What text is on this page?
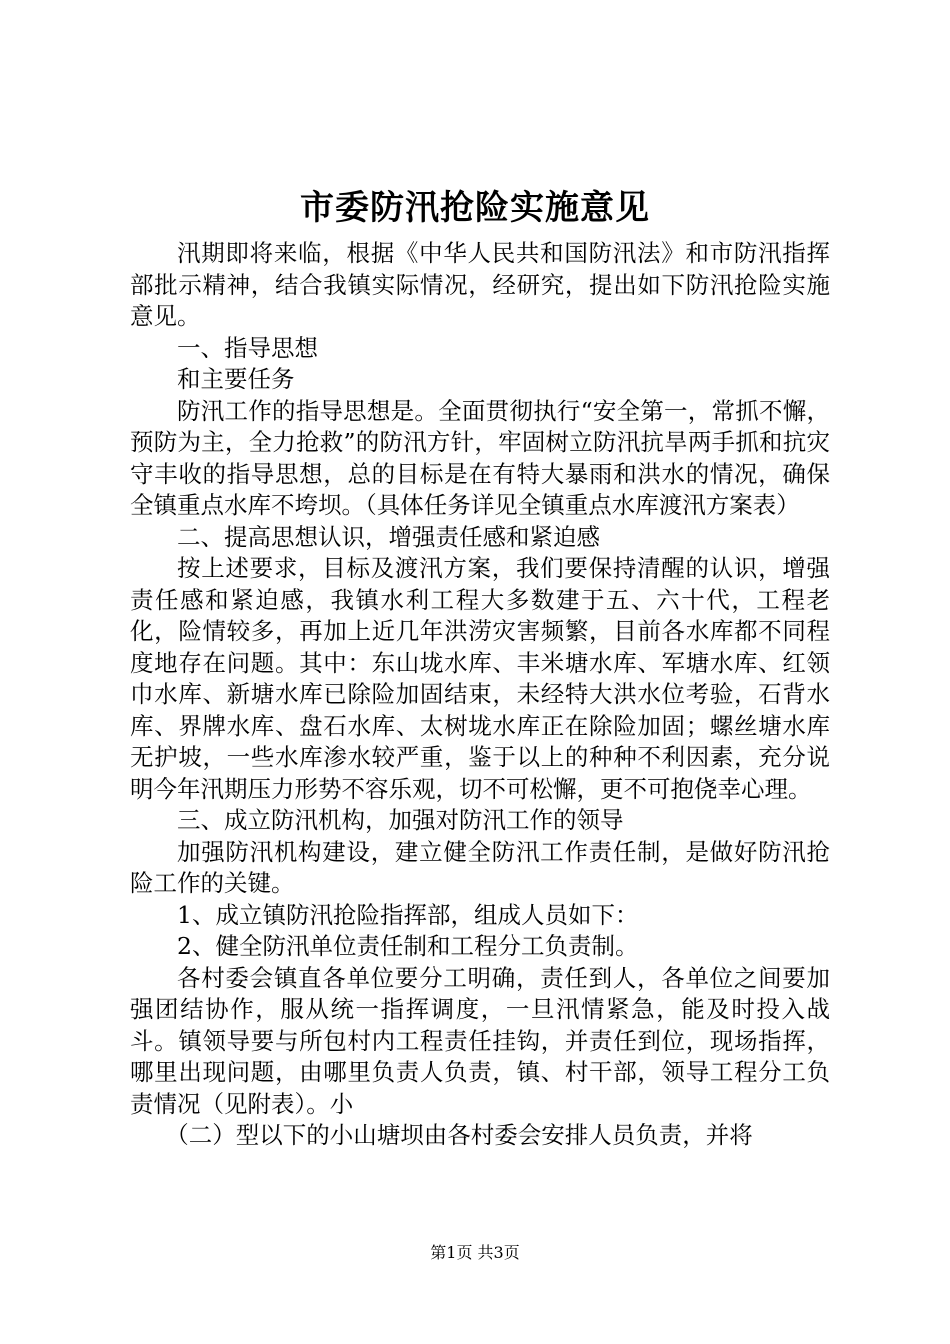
市委防汛抢险实施意见

汛期即将来临，根据《中华人民共和国防汛法》和市防汛指挥部批示精神，结合我镇实际情况，经研究，提出如下防汛抢险实施意见。

一、指导思想

和主要任务

防汛工作的指导思想是。全面贯彻执行“安全第一，常抓不懈，预防为主，全力抢救”的防汛方针，牢固树立防汛抗旱两手抓和抗灾守丰收的指导思想，总的目标是在有特大暴雨和洪水的情况，确保全镇重点水库不垮坝。（具体任务详见全镇重点水库渡汛方案表）

二、提高思想认识，增强责任感和紧迫感

按上述要求，目标及渡汛方案，我们要保持清醒的认识，增强责任感和紧迫感，我镇水利工程大多数建于五、六十代，工程老化，险情较多，再加上近几年洪涝灾害频繁，目前各水库都不同程度地存在问题。其中：东山垅水库、丰米塘水库、军塘水库、红领巾水库、新塘水库已除险加固结束，未经特大洪水位考验，石背水库、界牌水库、盘石水库、太树垅水库正在除险加固；螺丝塘水库无护坡，一些水库渗水较严重，鉴于以上的种种不利因素，充分说明今年汛期压力形势不容乐观，切不可松懈，更不可抱侥幸心理。

三、成立防汛机构，加强对防汛工作的领导

加强防汛机构建设，建立健全防汛工作责任制，是做好防汛抢险工作的关键。

1、成立镇防汛抢险指挥部，组成人员如下：

2、健全防汛单位责任制和工程分工负责制。

各村委会镇直各单位要分工明确，责任到人，各单位之间要加强团结协作，服从统一指挥调度，一旦汛情紧急，能及时投入战斗。镇领导要与所包村内工程责任挂钩，并责任到位，现场指挥，哪里出现问题，由哪里负责人负责，镇、村干部，领导工程分工负责情况（见附表）。小

（二）型以下的小山塘坝由各村委会安排人员负责，并将

第1页 共3页
